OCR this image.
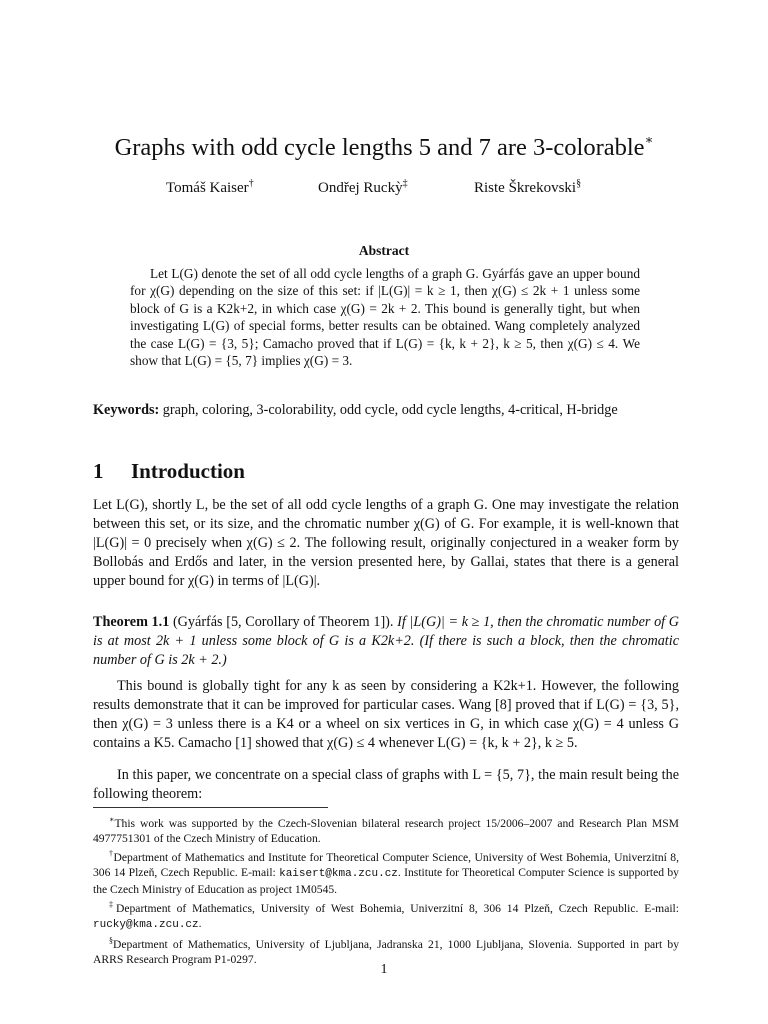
Graphs with odd cycle lengths 5 and 7 are 3-colorable∗
Tomáš Kaiser†	Ondřej Ruckỳ‡	Riste Škrekovski§
Abstract

Let L(G) denote the set of all odd cycle lengths of a graph G. Gyárfás gave an upper bound for χ(G) depending on the size of this set: if |L(G)| = k ≥ 1, then χ(G) ≤ 2k + 1 unless some block of G is a K2k+2, in which case χ(G) = 2k + 2. This bound is generally tight, but when investigating L(G) of special forms, better results can be obtained. Wang completely analyzed the case L(G) = {3, 5}; Camacho proved that if L(G) = {k, k + 2}, k ≥ 5, then χ(G) ≤ 4. We show that L(G) = {5, 7} implies χ(G) = 3.

Keywords: graph, coloring, 3-colorability, odd cycle, odd cycle lengths, 4-critical, H-bridge
1 Introduction

Let L(G), shortly L, be the set of all odd cycle lengths of a graph G. One may investigate the relation between this set, or its size, and the chromatic number χ(G) of G. For example, it is well-known that |L(G)| = 0 precisely when χ(G) ≤ 2. The following result, originally conjectured in a weaker form by Bollobás and Erdős and later, in the version presented here, by Gallai, states that there is a general upper bound for χ(G) in terms of |L(G)|.

Theorem 1.1 (Gyárfás [5, Corollary of Theorem 1]). If |L(G)| = k ≥ 1, then the chromatic number of G is at most 2k + 1 unless some block of G is a K2k+2. (If there is such a block, then the chromatic number of G is 2k + 2.)

This bound is globally tight for any k as seen by considering a K2k+1. However, the following results demonstrate that it can be improved for particular cases. Wang [8] proved that if L(G) = {3, 5}, then χ(G) = 3 unless there is a K4 or a wheel on six vertices in G, in which case χ(G) = 4 unless G contains a K5. Camacho [1] showed that χ(G) ≤ 4 whenever L(G) = {k, k + 2}, k ≥ 5.

In this paper, we concentrate on a special class of graphs with L = {5, 7}, the main result being the following theorem:

∗This work was supported by the Czech-Slovenian bilateral research project 15/2006–2007 and Research Plan MSM 4977751301 of the Czech Ministry of Education.

†Department of Mathematics and Institute for Theoretical Computer Science, University of West Bohemia, Univerzitní 8, 306 14 Plzeň, Czech Republic. E-mail: kaisert@kma.zcu.cz. Institute for Theoretical Computer Science is supported by the Czech Ministry of Education as project 1M0545.

‡Department of Mathematics, University of West Bohemia, Univerzitní 8, 306 14 Plzeň, Czech Republic. E-mail: rucky@kma.zcu.cz.

§Department of Mathematics, University of Ljubljana, Jadranska 21, 1000 Ljubljana, Slovenia. Supported in part by ARRS Research Program P1-0297.

1
